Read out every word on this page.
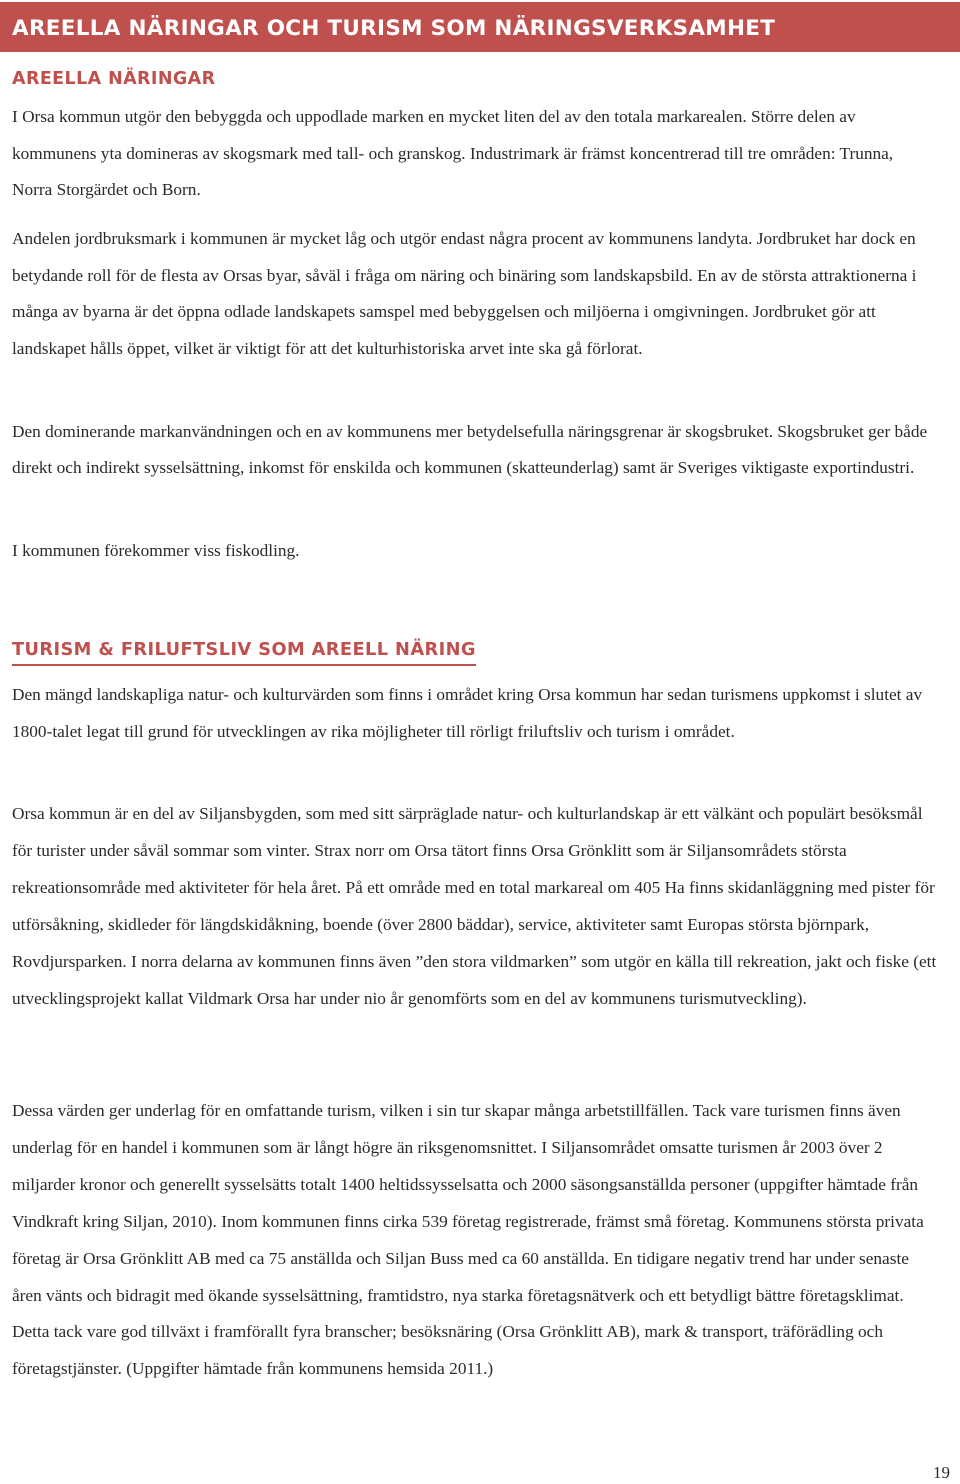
AREELLA NÄRINGAR OCH TURISM SOM NÄRINGSVERKSAMHET
AREELLA NÄRINGAR

I Orsa kommun utgör den bebyggda och uppodlade marken en mycket liten del av den totala markarealen. Större delen av kommunens yta domineras av skogsmark med tall- och granskog. Industrimark är främst koncentrerad till tre områden: Trunna, Norra Storgärdet och Born.

Andelen jordbruksmark i kommunen är mycket låg och utgör endast några procent av kommunens landyta. Jordbruket har dock en betydande roll för de flesta av Orsas byar, såväl i fråga om näring och binäring som landskapsbild. En av de största attraktionerna i många av byarna är det öppna odlade landskapets samspel med bebyggelsen och miljöerna i omgivningen. Jordbruket gör att landskapet hålls öppet, vilket är viktigt för att det kulturhistoriska arvet inte ska gå förlorat.

Den dominerande markanvändningen och en av kommunens mer betydelsefulla näringsgrenar är skogsbruket. Skogsbruket ger både direkt och indirekt sysselsättning, inkomst för enskilda och kommunen (skatteunderlag) samt är Sveriges viktigaste exportindustri.

I kommunen förekommer viss fiskodling.

TURISM & FRILUFTSLIV SOM AREELL NÄRING

Den mängd landskapliga natur- och kulturvärden som finns i området kring Orsa kommun har sedan turismens uppkomst i slutet av 1800-talet legat till grund för utvecklingen av rika möjligheter till rörligt friluftsliv och turism i området.

Orsa kommun är en del av Siljansbygden, som med sitt särpräglade natur- och kulturlandskap är ett välkänt och populärt besöksmål för turister under såväl sommar som vinter. Strax norr om Orsa tätort finns Orsa Grönklitt som är Siljansområdets största rekreationsområde med aktiviteter för hela året. På ett område med en total markareal om 405 Ha finns skidanläggning med pister för utförsåkning, skidleder för längdskidåkning, boende (över 2800 bäddar), service, aktiviteter samt Europas största björnpark, Rovdjursparken. I norra delarna av kommunen finns även ”den stora vildmarken” som utgör en källa till rekreation, jakt och fiske (ett utvecklingsprojekt kallat Vildmark Orsa har under nio år genomförts som en del av kommunens turismutveckling).

Dessa värden ger underlag för en omfattande turism, vilken i sin tur skapar många arbetstillfällen. Tack vare turismen finns även underlag för en handel i kommunen som är långt högre än riksgenomsnittet. I Siljansområdet omsatte turismen år 2003 över 2 miljarder kronor och generellt sysselsätts totalt 1400 heltidssysselsatta och 2000 säsongsanställda personer (uppgifter hämtade från Vindkraft kring Siljan, 2010). Inom kommunen finns cirka 539 företag registrerade, främst små företag. Kommunens största privata företag är Orsa Grönklitt AB med ca 75 anställda och Siljan Buss med ca 60 anställda. En tidigare negativ trend har under senaste åren vänts och bidragit med ökande sysselsättning, framtidstro, nya starka företagsnätverk och ett betydligt bättre företagsklimat. Detta tack vare god tillväxt i framförallt fyra branscher; besöksnäring (Orsa Grönklitt AB), mark & transport, träförädling och företagstjänster. (Uppgifter hämtade från kommunens hemsida 2011.)

19
